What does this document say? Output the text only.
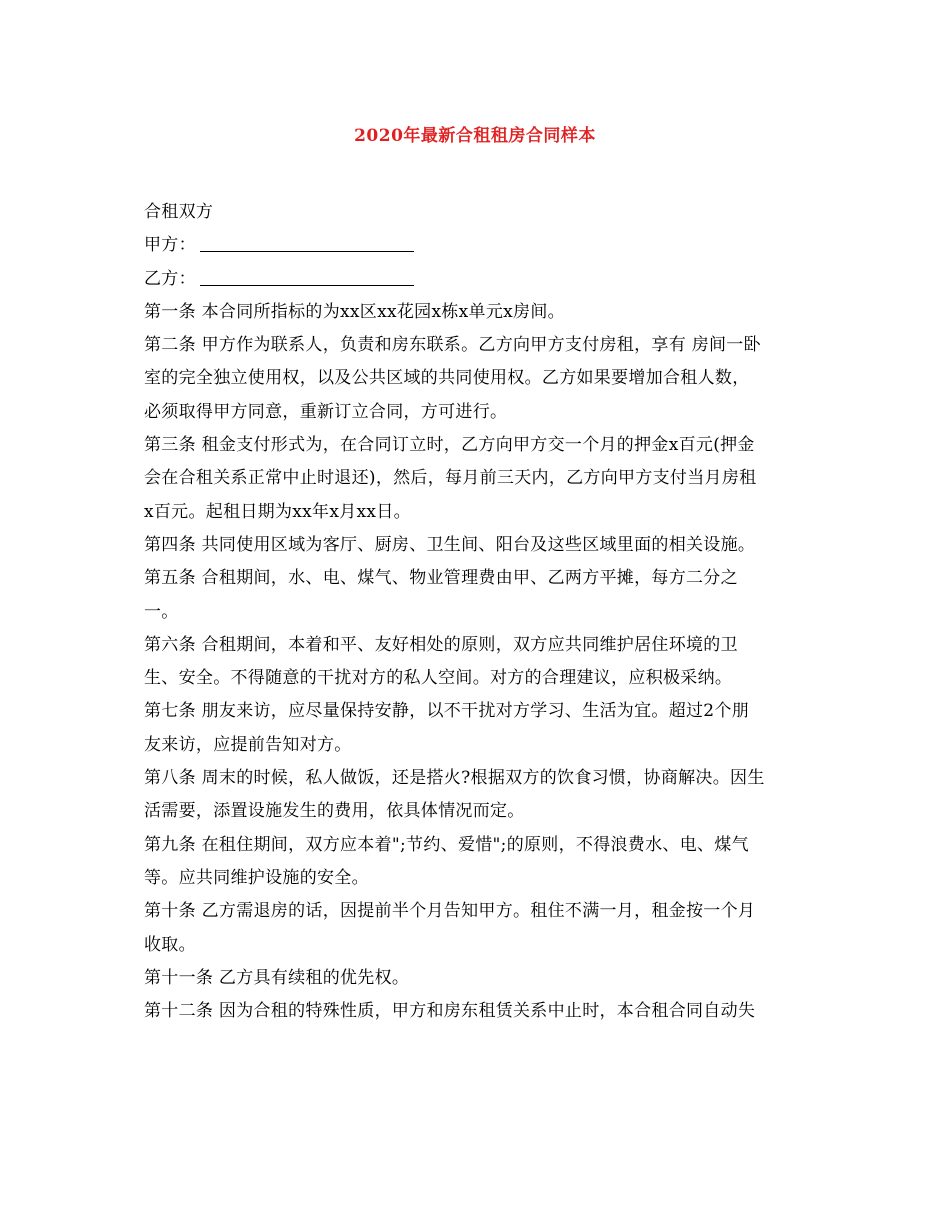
2020年最新合租租房合同样本
合租双方
甲方：
乙方：
第一条 本合同所指标的为xx区xx花园x栋x单元x房间。
第二条 甲方作为联系人，负责和房东联系。乙方向甲方支付房租，享有 房间一卧
室的完全独立使用权，以及公共区域的共同使用权。乙方如果要增加合租人数，
必须取得甲方同意，重新订立合同，方可进行。
第三条 租金支付形式为，在合同订立时，乙方向甲方交一个月的押金x百元(押金
会在合租关系正常中止时退还)，然后，每月前三天内，乙方向甲方支付当月房租
x百元。起租日期为xx年x月xx日。
第四条 共同使用区域为客厅、厨房、卫生间、阳台及这些区域里面的相关设施。
第五条 合租期间，水、电、煤气、物业管理费由甲、乙两方平摊，每方二分之
一。
第六条 合租期间，本着和平、友好相处的原则，双方应共同维护居住环境的卫
生、安全。不得随意的干扰对方的私人空间。对方的合理建议，应积极采纳。
第七条 朋友来访，应尽量保持安静，以不干扰对方学习、生活为宜。超过2个朋
友来访，应提前告知对方。
第八条 周末的时候，私人做饭，还是搭火?根据双方的饮食习惯，协商解决。因生
活需要，添置设施发生的费用，依具体情况而定。
第九条 在租住期间，双方应本着";节约、爱惜";的原则，不得浪费水、电、煤气
等。应共同维护设施的安全。
第十条 乙方需退房的话，因提前半个月告知甲方。租住不满一月，租金按一个月
收取。
第十一条 乙方具有续租的优先权。
第十二条 因为合租的特殊性质，甲方和房东租赁关系中止时，本合租合同自动失
